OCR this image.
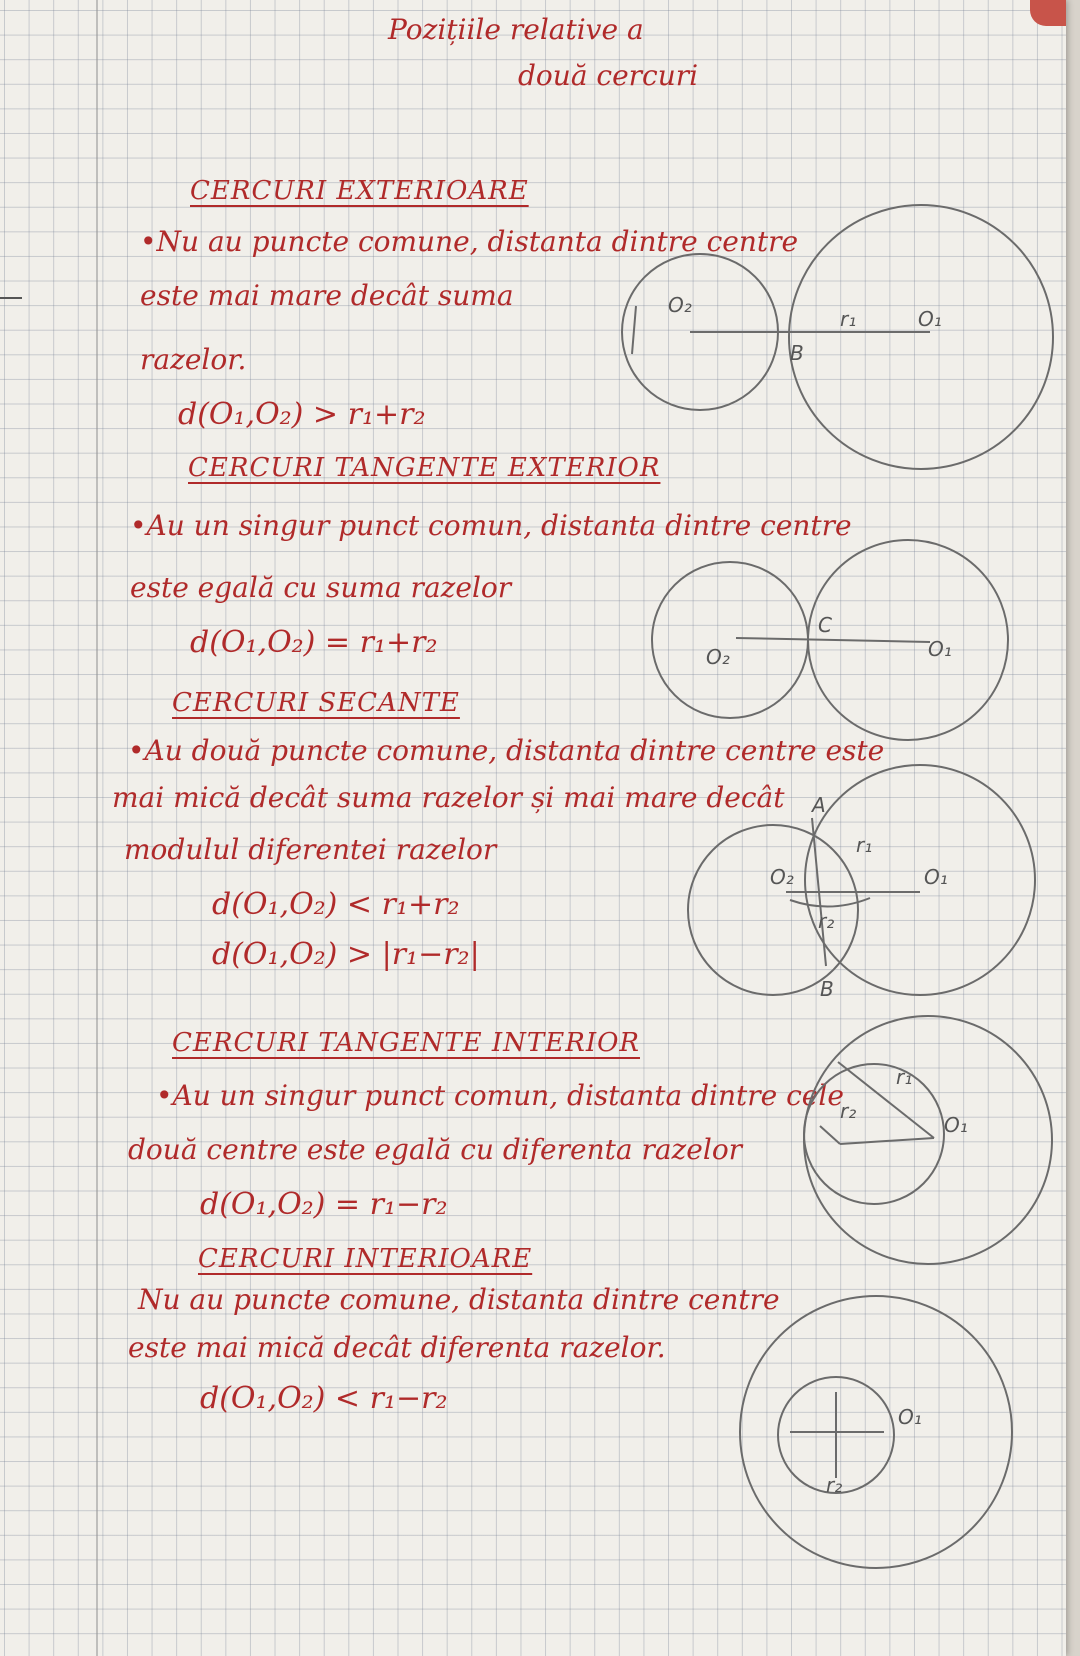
Pozițiile relative a
două cercuri
CERCURI EXTERIOARE
•Nu au puncte comune, distanta dintre centre
este mai mare decât suma
razelor.
d(O₁,O₂) > r₁+r₂
CERCURI TANGENTE EXTERIOR
•Au un singur punct comun, distanta dintre centre
este egală cu suma razelor
d(O₁,O₂) = r₁+r₂
CERCURI SECANTE
•Au două puncte comune, distanta dintre centre este
mai mică decât suma razelor și mai mare decât
modulul diferentei razelor
d(O₁,O₂) < r₁+r₂
d(O₁,O₂) > |r₁−r₂|
CERCURI TANGENTE INTERIOR
•Au un singur punct comun, distanta dintre cele
două centre este egală cu diferenta razelor
d(O₁,O₂) = r₁−r₂
CERCURI INTERIOARE
Nu au puncte comune, distanta dintre centre
este mai mică decât diferenta razelor.
d(O₁,O₂) < r₁−r₂
O₂
r₁	O₁
B
C
O₂	O₁
A
r₁
O₂	O₁
r₂
B
r₁
r₂
O₁
O₁
r₂
